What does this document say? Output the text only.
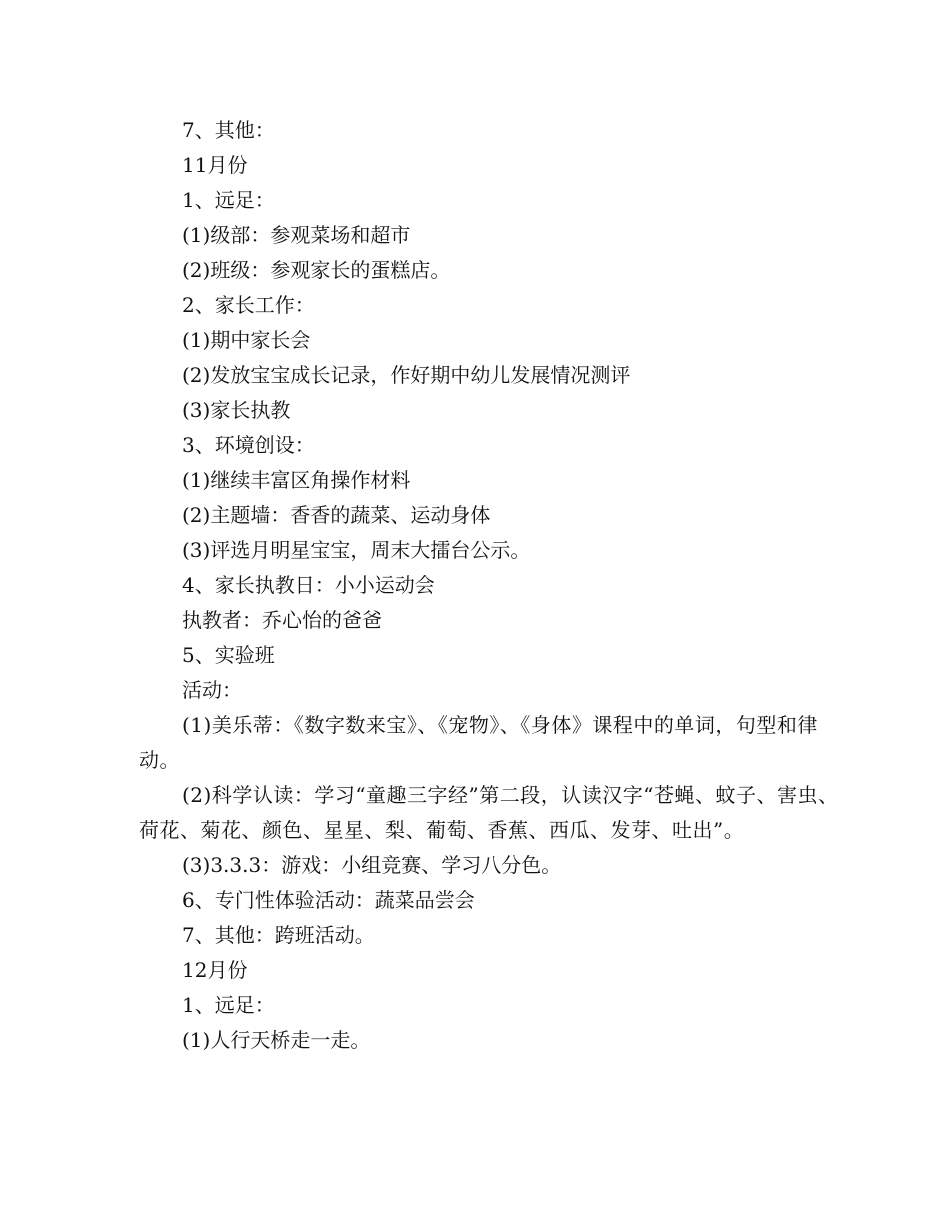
7、其他：
11月份
1、远足：
(1)级部：参观菜场和超市
(2)班级：参观家长的蛋糕店。
2、家长工作：
(1)期中家长会
(2)发放宝宝成长记录，作好期中幼儿发展情况测评
(3)家长执教
3、环境创设：
(1)继续丰富区角操作材料
(2)主题墙：香香的蔬菜、运动身体
(3)评选月明星宝宝，周末大擂台公示。
4、家长执教日：小小运动会
执教者：乔心怡的爸爸
5、实验班
活动：
(1)美乐蒂：《数字数来宝》、《宠物》、《身体》课程中的单词，句型和律动。
(2)科学认读：学习“童趣三字经”第二段，认读汉字“苍蝇、蚊子、害虫、荷花、菊花、颜色、星星、梨、葡萄、香蕉、西瓜、发芽、吐出”。
(3)3.3.3：游戏：小组竞赛、学习八分色。
6、专门性体验活动：蔬菜品尝会
7、其他：跨班活动。
12月份
1、远足：
(1)人行天桥走一走。
